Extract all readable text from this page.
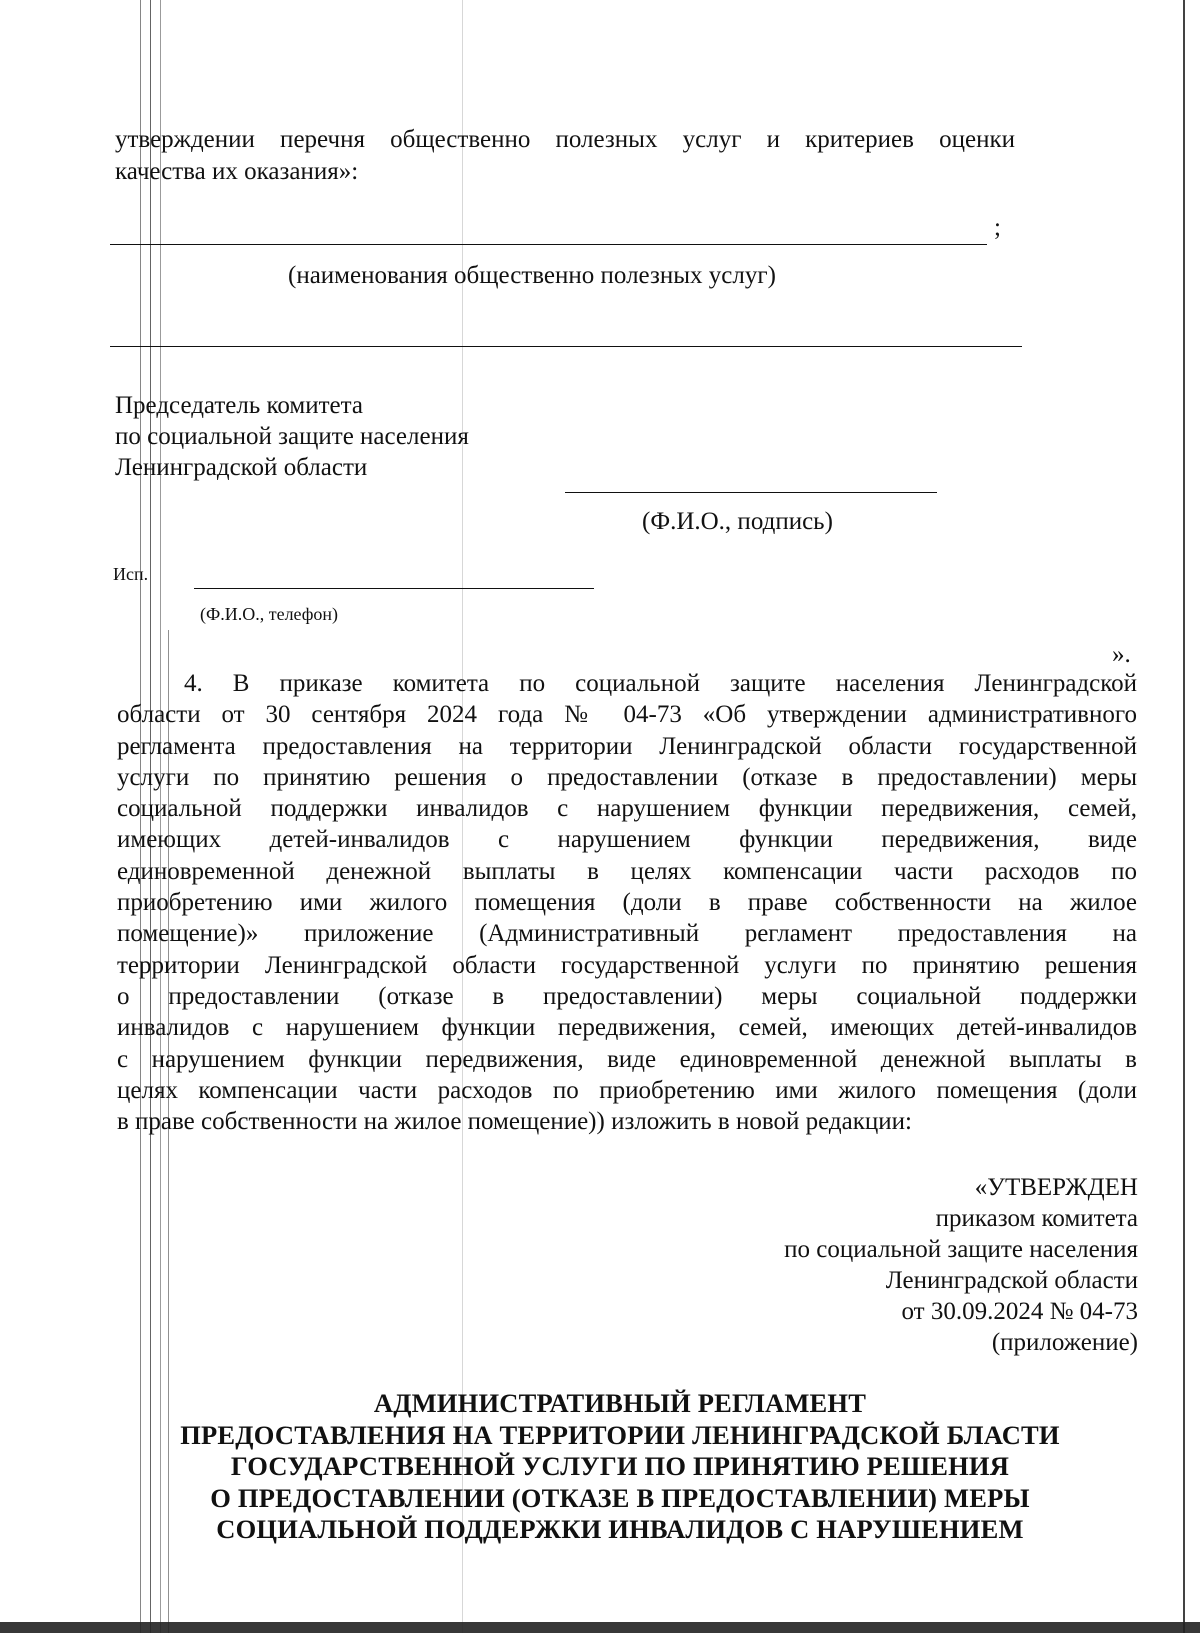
утверждении перечня общественно полезных услуг и критериев оценки
качества их оказания»:
;
(наименования общественно полезных услуг)
Председатель комитета
по социальной защите населения
Ленинградской области
(Ф.И.О., подпись)
Исп.
(Ф.И.О., телефон)
».
4. В приказе комитета по социальной защите населения Ленинградской
области от 30 сентября 2024 года № 04-73 «Об утверждении административного
регламента предоставления на территории Ленинградской области государственной
услуги по принятию решения о предоставлении (отказе в предоставлении) меры
социальной поддержки инвалидов с нарушением функции передвижения, семей,
имеющих детей-инвалидов с нарушением функции передвижения, виде
единовременной денежной выплаты в целях компенсации части расходов по
приобретению ими жилого помещения (доли в праве собственности на жилое
помещение)» приложение (Административный регламент предоставления на
территории Ленинградской области государственной услуги по принятию решения
о предоставлении (отказе в предоставлении) меры социальной поддержки
инвалидов с нарушением функции передвижения, семей, имеющих детей-инвалидов
с нарушением функции передвижения, виде единовременной денежной выплаты в
целях компенсации части расходов по приобретению ими жилого помещения (доли
в праве собственности на жилое помещение)) изложить в новой редакции:
«УТВЕРЖДЕН
приказом комитета
по социальной защите населения
Ленинградской области
от 30.09.2024 № 04-73
(приложение)
АДМИНИСТРАТИВНЫЙ РЕГЛАМЕНТ
ПРЕДОСТАВЛЕНИЯ НА ТЕРРИТОРИИ ЛЕНИНГРАДСКОЙ БЛАСТИ
ГОСУДАРСТВЕННОЙ УСЛУГИ ПО ПРИНЯТИЮ РЕШЕНИЯ
О ПРЕДОСТАВЛЕНИИ (ОТКАЗЕ В ПРЕДОСТАВЛЕНИИ) МЕРЫ
СОЦИАЛЬНОЙ ПОДДЕРЖКИ ИНВАЛИДОВ С НАРУШЕНИЕМ
